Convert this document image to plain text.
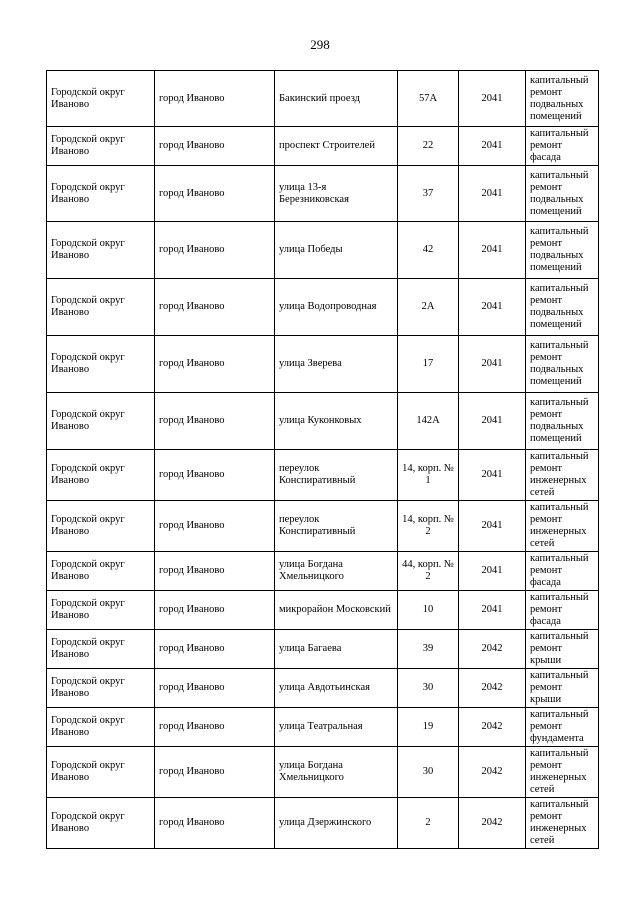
298
Городской округ Иваново	город Иваново	Бакинский проезд	57А	2041	капитальный ремонт подвальных помещений
Городской округ Иваново	город Иваново	проспект Строителей	22	2041	капитальный ремонт фасада
Городской округ Иваново	город Иваново	улица 13-я Березниковская	37	2041	капитальный ремонт подвальных помещений
Городской округ Иваново	город Иваново	улица Победы	42	2041	капитальный ремонт подвальных помещений
Городской округ Иваново	город Иваново	улица Водопроводная	2А	2041	капитальный ремонт подвальных помещений
Городской округ Иваново	город Иваново	улица Зверева	17	2041	капитальный ремонт подвальных помещений
Городской округ Иваново	город Иваново	улица Куконковых	142А	2041	капитальный ремонт подвальных помещений
Городской округ Иваново	город Иваново	переулок Конспиративный	14, корп. № 1	2041	капитальный ремонт инженерных сетей
Городской округ Иваново	город Иваново	переулок Конспиративный	14, корп. № 2	2041	капитальный ремонт инженерных сетей
Городской округ Иваново	город Иваново	улица Богдана Хмельницкого	44, корп. № 2	2041	капитальный ремонт фасада
Городской округ Иваново	город Иваново	микрорайон Московский	10	2041	капитальный ремонт фасада
Городской округ Иваново	город Иваново	улица Багаева	39	2042	капитальный ремонт крыши
Городской округ Иваново	город Иваново	улица Авдотьинская	30	2042	капитальный ремонт крыши
Городской округ Иваново	город Иваново	улица Театральная	19	2042	капитальный ремонт фундамента
Городской округ Иваново	город Иваново	улица Богдана Хмельницкого	30	2042	капитальный ремонт инженерных сетей
Городской округ Иваново	город Иваново	улица Дзержинского	2	2042	капитальный ремонт инженерных сетей
